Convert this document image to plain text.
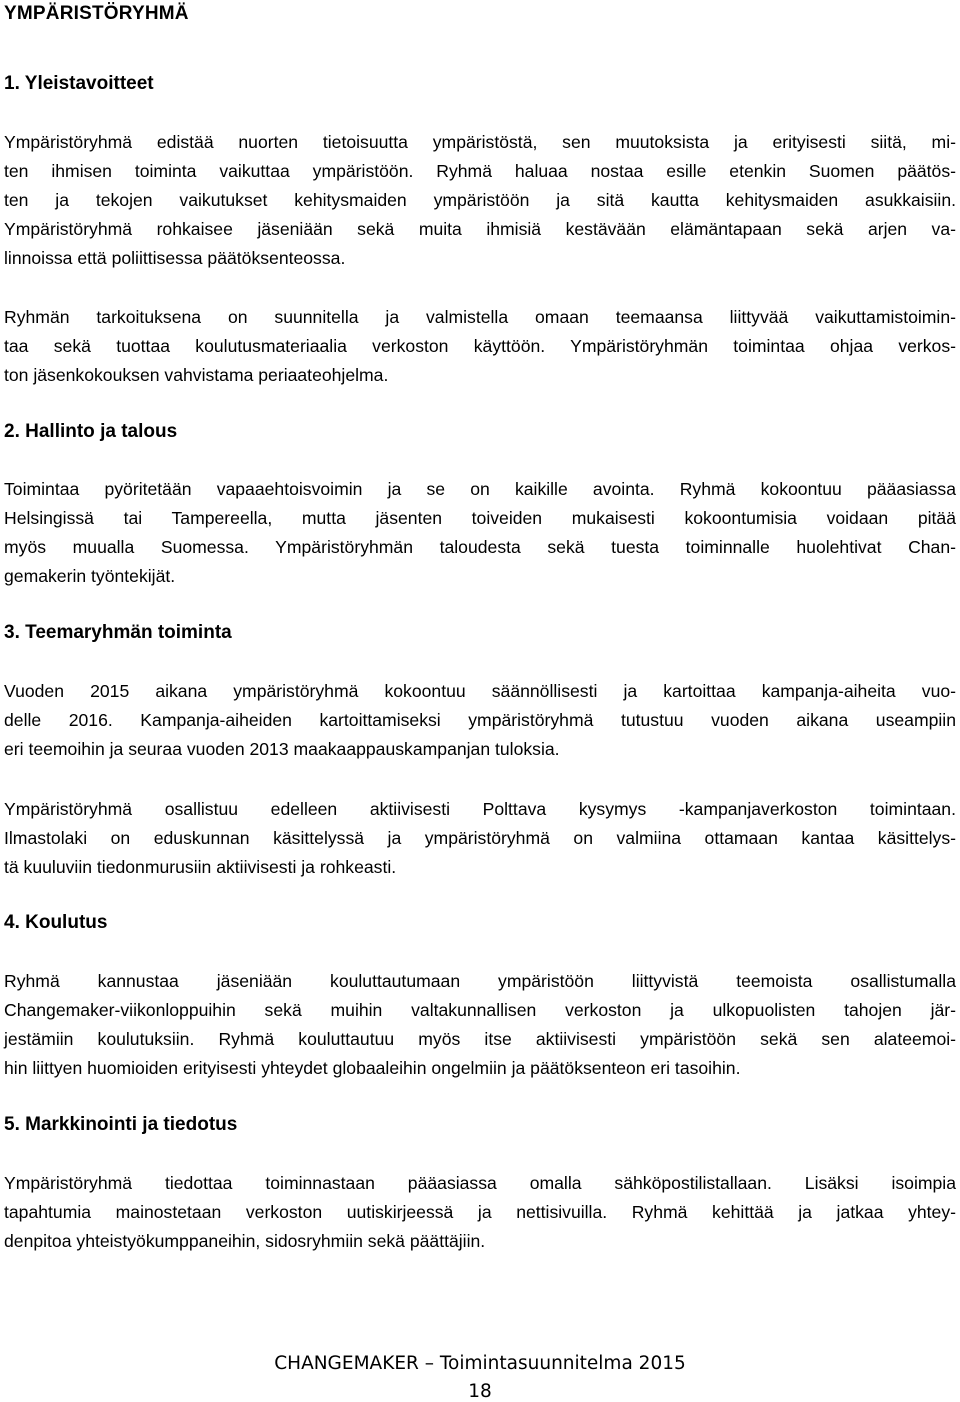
YMPÄRISTÖRYHMÄ
1. Yleistavoitteet
Ympäristöryhmä edistää nuorten tietoisuutta ympäristöstä, sen muutoksista ja erityisesti siitä, mi-
ten ihmisen toiminta vaikuttaa ympäristöön. Ryhmä haluaa nostaa esille etenkin Suomen päätös-
ten ja tekojen vaikutukset kehitysmaiden ympäristöön ja sitä kautta kehitysmaiden asukkaisiin.
Ympäristöryhmä rohkaisee jäseniään sekä muita ihmisiä kestävään elämäntapaan sekä arjen va-
linnoissa että poliittisessa päätöksenteossa.
Ryhmän tarkoituksena on suunnitella ja valmistella omaan teemaansa liittyvää vaikuttamistoimin-
taa sekä tuottaa koulutusmateriaalia verkoston käyttöön. Ympäristöryhmän toimintaa ohjaa verkos-
ton jäsenkokouksen vahvistama periaateohjelma.
2. Hallinto ja talous
Toimintaa pyöritetään vapaaehtoisvoimin ja se on kaikille avointa. Ryhmä kokoontuu pääasiassa
Helsingissä tai Tampereella, mutta jäsenten toiveiden mukaisesti kokoontumisia voidaan pitää
myös muualla Suomessa. Ympäristöryhmän taloudesta sekä tuesta toiminnalle huolehtivat Chan-
gemakerin työntekijät.
3. Teemaryhmän toiminta
Vuoden 2015 aikana ympäristöryhmä kokoontuu säännöllisesti ja kartoittaa kampanja-aiheita vuo-
delle 2016. Kampanja-aiheiden kartoittamiseksi ympäristöryhmä tutustuu vuoden aikana useampiin
eri teemoihin ja seuraa vuoden 2013 maakaappauskampanjan tuloksia.
Ympäristöryhmä osallistuu edelleen aktiivisesti Polttava kysymys -kampanjaverkoston toimintaan.
Ilmastolaki on eduskunnan käsittelyssä ja ympäristöryhmä on valmiina ottamaan kantaa käsittelys-
tä kuuluviin tiedonmurusiin aktiivisesti ja rohkeasti.
4. Koulutus
Ryhmä kannustaa jäseniään kouluttautumaan ympäristöön liittyvistä teemoista osallistumalla
Changemaker-viikonloppuihin sekä muihin valtakunnallisen verkoston ja ulkopuolisten tahojen jär-
jestämiin koulutuksiin. Ryhmä kouluttautuu myös itse aktiivisesti ympäristöön sekä sen alateemoi-
hin liittyen huomioiden erityisesti yhteydet globaaleihin ongelmiin ja päätöksenteon eri tasoihin.
5. Markkinointi ja tiedotus
Ympäristöryhmä tiedottaa toiminnastaan pääasiassa omalla sähköpostilistallaan. Lisäksi isoimpia
tapahtumia mainostetaan verkoston uutiskirjeessä ja nettisivuilla. Ryhmä kehittää ja jatkaa yhtey-
denpitoa yhteistyökumppaneihin, sidosryhmiin sekä päättäjiin.
CHANGEMAKER – Toimintasuunnitelma 2015
18
